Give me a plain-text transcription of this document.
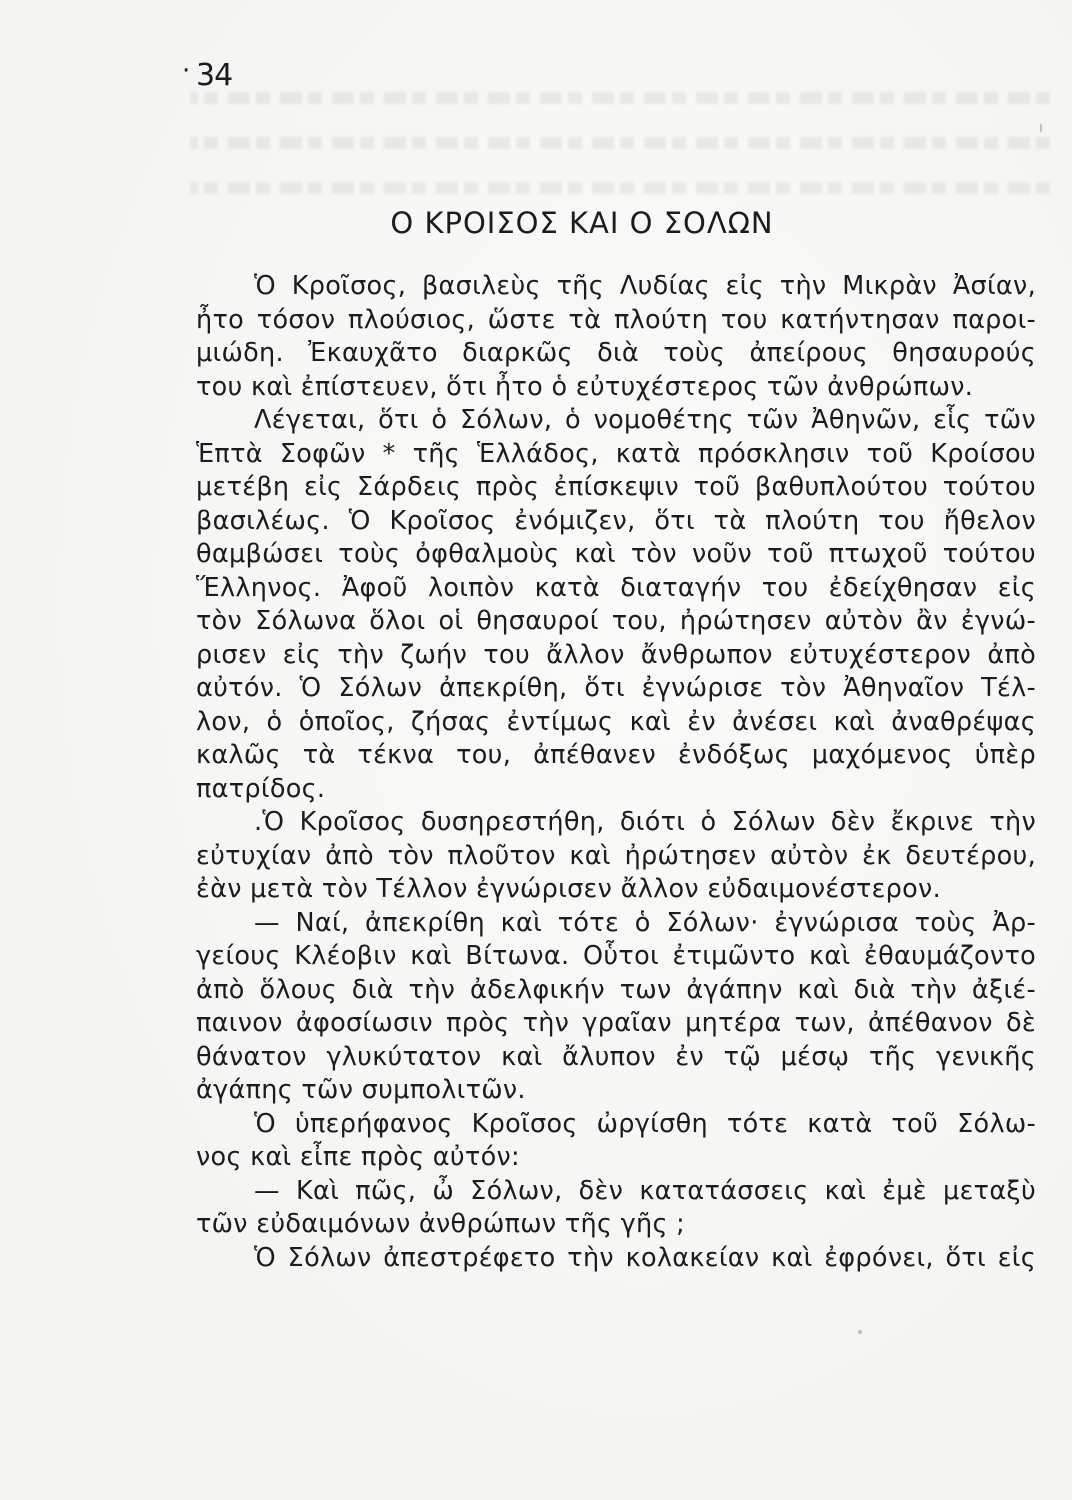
· 34
Ο ΚΡΟΙΣΟΣ ΚΑΙ Ο ΣΟΛΩΝ
Ὁ Κροῖσος, βασιλεὺς τῆς Λυδίας εἰς τὴν Μικρὰν Ἀσίαν,
ἦτο τόσον πλούσιος, ὥστε τὰ πλούτη του κατήντησαν παροι-
μιώδη. Ἐκαυχᾶτο διαρκῶς διὰ τοὺς ἀπείρους θησαυρούς
του καὶ ἐπίστευεν, ὅτι ἦτο ὁ εὐτυχέστερος τῶν ἀνθρώπων.
Λέγεται, ὅτι ὁ Σόλων, ὁ νομοθέτης τῶν Ἀθηνῶν, εἷς τῶν
Ἑπτὰ Σοφῶν * τῆς Ἑλλάδος, κατὰ πρόσκλησιν τοῦ Κροίσου
μετέβη εἰς Σάρδεις πρὸς ἐπίσκεψιν τοῦ βαθυπλούτου τούτου
βασιλέως. Ὁ Κροῖσος ἐνόμιζεν, ὅτι τὰ πλούτη του ἤθελον
θαμβώσει τοὺς ὀφθαλμοὺς καὶ τὸν νοῦν τοῦ πτωχοῦ τούτου
Ἕλληνος. Ἀφοῦ λοιπὸν κατὰ διαταγήν του ἐδείχθησαν εἰς
τὸν Σόλωνα ὅλοι οἱ θησαυροί του, ἠρώτησεν αὐτὸν ἂν ἐγνώ-
ρισεν εἰς τὴν ζωήν του ἄλλον ἄνθρωπον εὐτυχέστερον ἀπὸ
αὐτόν. Ὁ Σόλων ἀπεκρίθη, ὅτι ἐγνώρισε τὸν Ἀθηναῖον Τέλ-
λον, ὁ ὁποῖος, ζήσας ἐντίμως καὶ ἐν ἀνέσει καὶ ἀναθρέψας
καλῶς τὰ τέκνα του, ἀπέθανεν ἐνδόξως μαχόμενος ὑπὲρ
πατρίδος.
.Ὁ Κροῖσος δυσηρεστήθη, διότι ὁ Σόλων δὲν ἔκρινε τὴν
εὐτυχίαν ἀπὸ τὸν πλοῦτον καὶ ἠρώτησεν αὐτὸν ἐκ δευτέρου,
ἐὰν μετὰ τὸν Τέλλον ἐγνώρισεν ἄλλον εὐδαιμονέστερον.
— Ναί, ἀπεκρίθη καὶ τότε ὁ Σόλων· ἐγνώρισα τοὺς Ἀρ-
γείους Κλέοβιν καὶ Βίτωνα. Οὗτοι ἐτιμῶντο καὶ ἐθαυμάζοντο
ἀπὸ ὅλους διὰ τὴν ἀδελφικήν των ἀγάπην καὶ διὰ τὴν ἀξιέ-
παινον ἀφοσίωσιν πρὸς τὴν γραῖαν μητέρα των, ἀπέθανον δὲ
θάνατον γλυκύτατον καὶ ἄλυπον ἐν τῷ μέσῳ τῆς γενικῆς
ἀγάπης τῶν συμπολιτῶν.
Ὁ ὑπερήφανος Κροῖσος ὠργίσθη τότε κατὰ τοῦ Σόλω-
νος καὶ εἶπε πρὸς αὐτόν:
— Καὶ πῶς, ὦ Σόλων, δὲν κατατάσσεις καὶ ἐμὲ μεταξὺ
τῶν εὐδαιμόνων ἀνθρώπων τῆς γῆς ;
Ὁ Σόλων ἀπεστρέφετο τὴν κολακείαν καὶ ἐφρόνει, ὅτι εἰς
